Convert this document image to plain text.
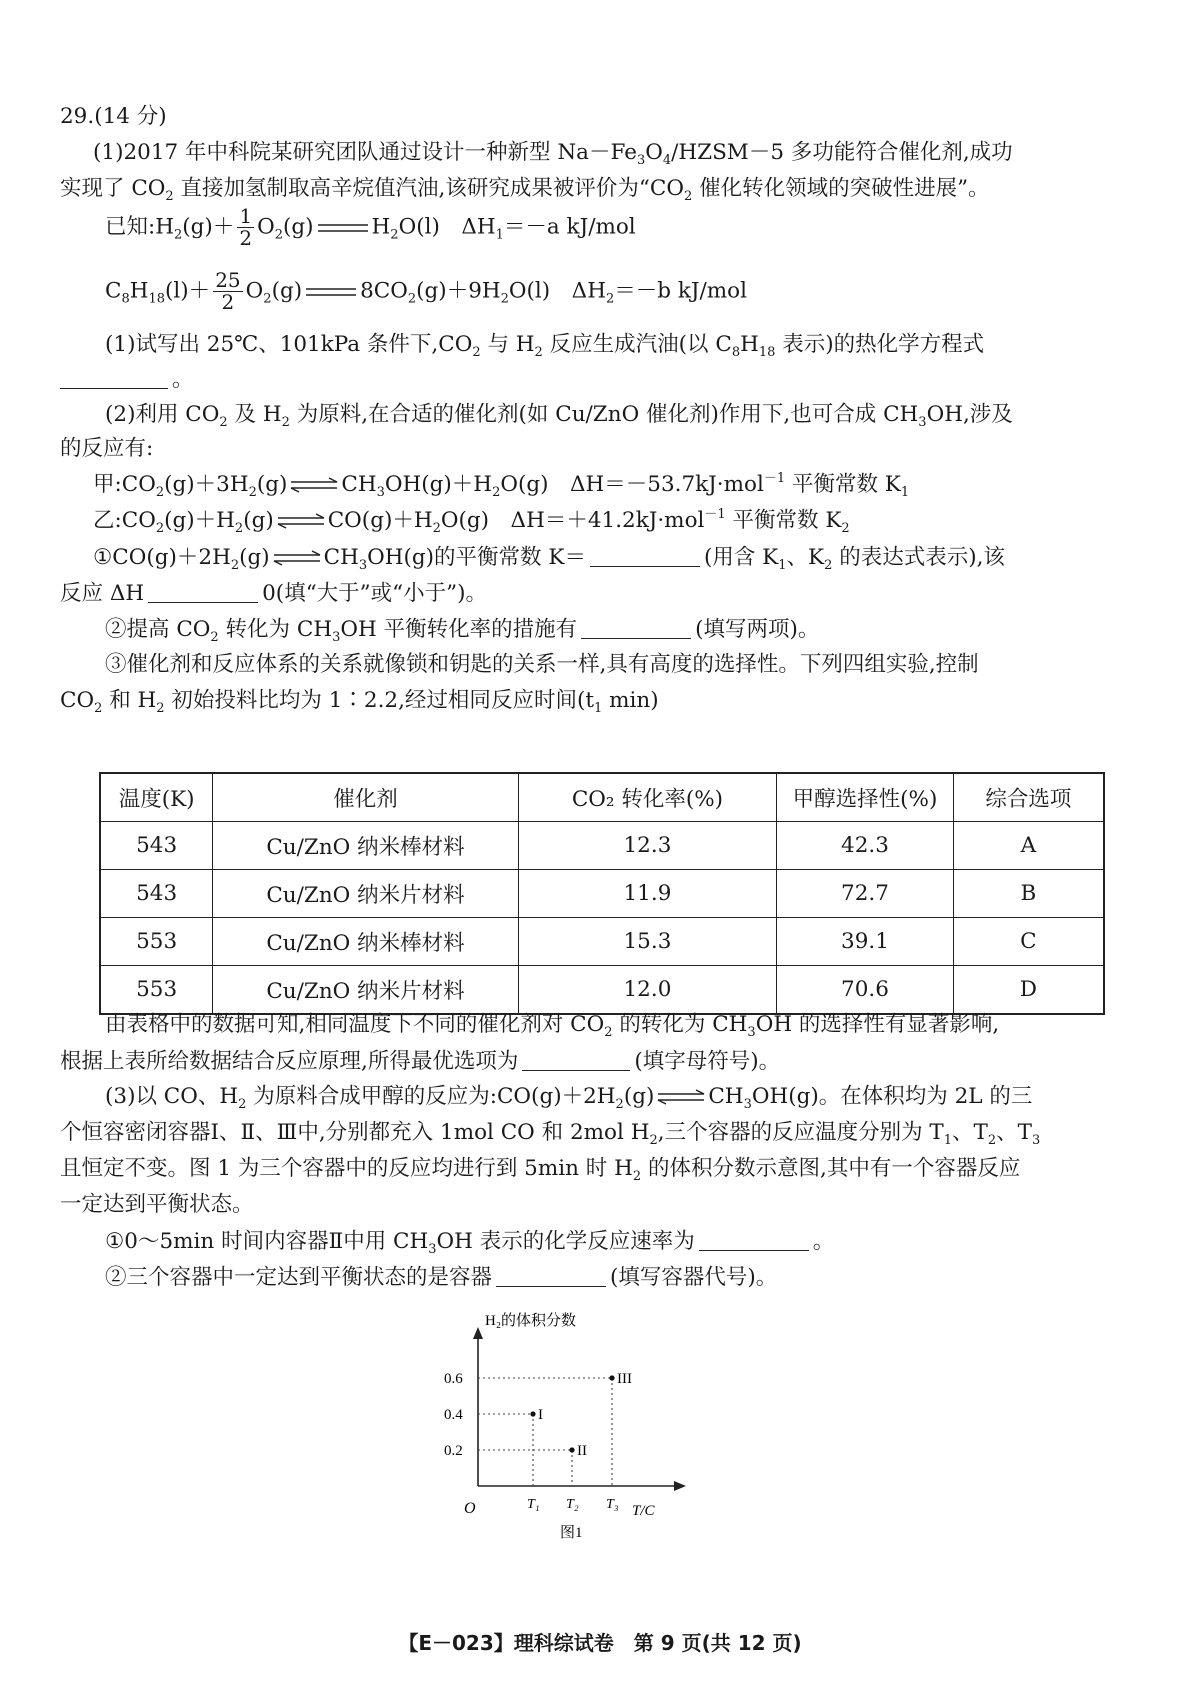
29.(14 分)
(1)2017 年中科院某研究团队通过设计一种新型 $Na-Fe_3O_4/HZSM-5$ 多功能符合催化剂,成功
实现了 $CO_2$ 直接加氢制取高辛烷值汽油,该研究成果被评价为“$CO_2$ 催化转化领域的突破性进展”。
已知$:H_2(g)+ \frac{1}{2} O_2(g)$	$H_2O(l)$　$\Delta H_1=-a$ kJ/mol
$C_8H_{18}(l)+ \frac{25}{2} O_2(g)$	$8CO_2(g)+9H_2O(l)$　$\Delta H_2=-b$ kJ/mol
(1)试写出 25℃、101kPa 条件下$,CO_2$ 与 $H_2$ 反应生成汽油(以 $C_8H_{18}$ 表示)的热化学方程式
。
(2)利用 $CO_2$ 及 $H_2$ 为原料,在合适的催化剂(如 Cu/ZnO 催化剂)作用下,也可合成 $CH_3OH$,涉及
的反应有:
甲$:CO_2(g)+3H_2(g)$ ⇌ $CH_3OH(g)+H_2O(g)$　ΔH＝－53.7kJ·mol$^{-1}$ 平衡常数 $K_1$
乙$:CO_2(g)+H_2(g)$ ⇌ $CO(g)+H_2O(g)$　ΔH＝＋41.2kJ·mol$^{-1}$ 平衡常数 $K_2$
$①CO(g)+2H_2(g)$ ⇌ $CH_3OH(g)$的平衡常数 K＝	(用含 $K_1$、$K_2$ 的表达式表示),该
反应 ΔH	0(填“大于”或“小于”)。
②提高 $CO_2$ 转化为 $CH_3OH$ 平衡转化率的措施有	(填写两项)。
③催化剂和反应体系的关系就像锁和钥匙的关系一样,具有高度的选择性。下列四组实验,控制
$CO_2$ 和 $H_2$ 初始投料比均为 1∶2.2,经过相同反应时间($t_1$ min)
温度(K)	催化剂	CO₂ 转化率(%)	甲醇选择性(%)	综合选项
543	Cu/ZnO 纳米棒材料	12.3	42.3	A
543	Cu/ZnO 纳米片材料	11.9	72.7	B
553	Cu/ZnO 纳米棒材料	15.3	39.1	C
553	Cu/ZnO 纳米片材料	12.0	70.6	D
由表格中的数据可知,相同温度下不同的催化剂对 $CO_2$ 的转化为 $CH_3OH$ 的选择性有显著影响,
根据上表所给数据结合反应原理,所得最优选项为	(填字母符号)。
(3)以 CO、$H_2$ 为原料合成甲醇的反应为$:CO(g)+2H_2(g)$ ⇌ $CH_3OH(g)$。在体积均为 2L 的三
个恒容密闭容器Ⅰ、Ⅱ、Ⅲ中,分别都充入 1mol CO 和 2mol $H_2$,三个容器的反应温度分别为 $T_1$、$T_2$、$T_3$
且恒定不变。图 1 为三个容器中的反应均进行到 5min 时 $H_2$ 的体积分数示意图,其中有一个容器反应
一定达到平衡状态。
①0～5min 时间内容器Ⅱ中用 $CH_3OH$ 表示的化学反应速率为	。
②三个容器中一定达到平衡状态的是容器	(填写容器代号)。
I
II
III
H₂的体积分数
T/C
O
图1
0.2
0.4
0.6
T₁ T₂ T₃
【E－023】理科综试卷　第 9 页(共 12 页)
